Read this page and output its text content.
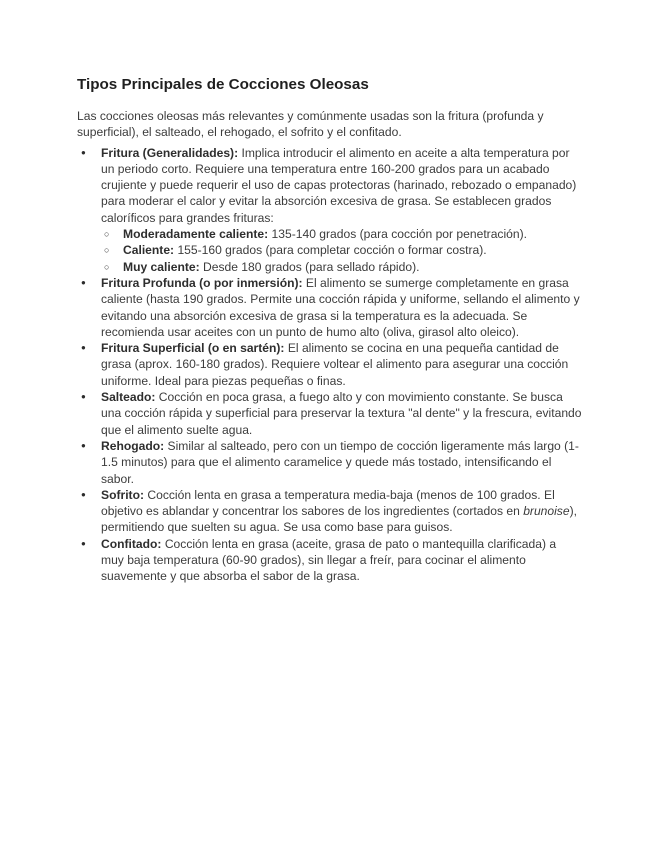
Tipos Principales de Cocciones Oleosas

Las cocciones oleosas más relevantes y comúnmente usadas son la fritura (profunda y superficial), el salteado, el rehogado, el sofrito y el confitado.

● Fritura (Generalidades): Implica introducir el alimento en aceite a alta temperatura por un periodo corto. Requiere una temperatura entre 160-200 grados para un acabado crujiente y puede requerir el uso de capas protectoras (harinado, rebozado o empanado) para moderar el calor y evitar la absorción excesiva de grasa. Se establecen grados caloríficos para grandes frituras:
○ Moderadamente caliente: 135-140 grados (para cocción por penetración).
○ Caliente: 155-160 grados (para completar cocción o formar costra).
○ Muy caliente: Desde 180 grados (para sellado rápido).
● Fritura Profunda (o por inmersión): El alimento se sumerge completamente en grasa caliente (hasta 190 grados. Permite una cocción rápida y uniforme, sellando el alimento y evitando una absorción excesiva de grasa si la temperatura es la adecuada. Se recomienda usar aceites con un punto de humo alto (oliva, girasol alto oleico).
● Fritura Superficial (o en sartén): El alimento se cocina en una pequeña cantidad de grasa (aprox. 160-180 grados). Requiere voltear el alimento para asegurar una cocción uniforme. Ideal para piezas pequeñas o finas.
● Salteado: Cocción en poca grasa, a fuego alto y con movimiento constante. Se busca una cocción rápida y superficial para preservar la textura "al dente" y la frescura, evitando que el alimento suelte agua.
● Rehogado: Similar al salteado, pero con un tiempo de cocción ligeramente más largo (1-1.5 minutos) para que el alimento caramelice y quede más tostado, intensificando el sabor.
● Sofrito: Cocción lenta en grasa a temperatura media-baja (menos de 100 grados. El objetivo es ablandar y concentrar los sabores de los ingredientes (cortados en brunoise), permitiendo que suelten su agua. Se usa como base para guisos.
● Confitado: Cocción lenta en grasa (aceite, grasa de pato o mantequilla clarificada) a muy baja temperatura (60-90 grados), sin llegar a freír, para cocinar el alimento suavemente y que absorba el sabor de la grasa.
